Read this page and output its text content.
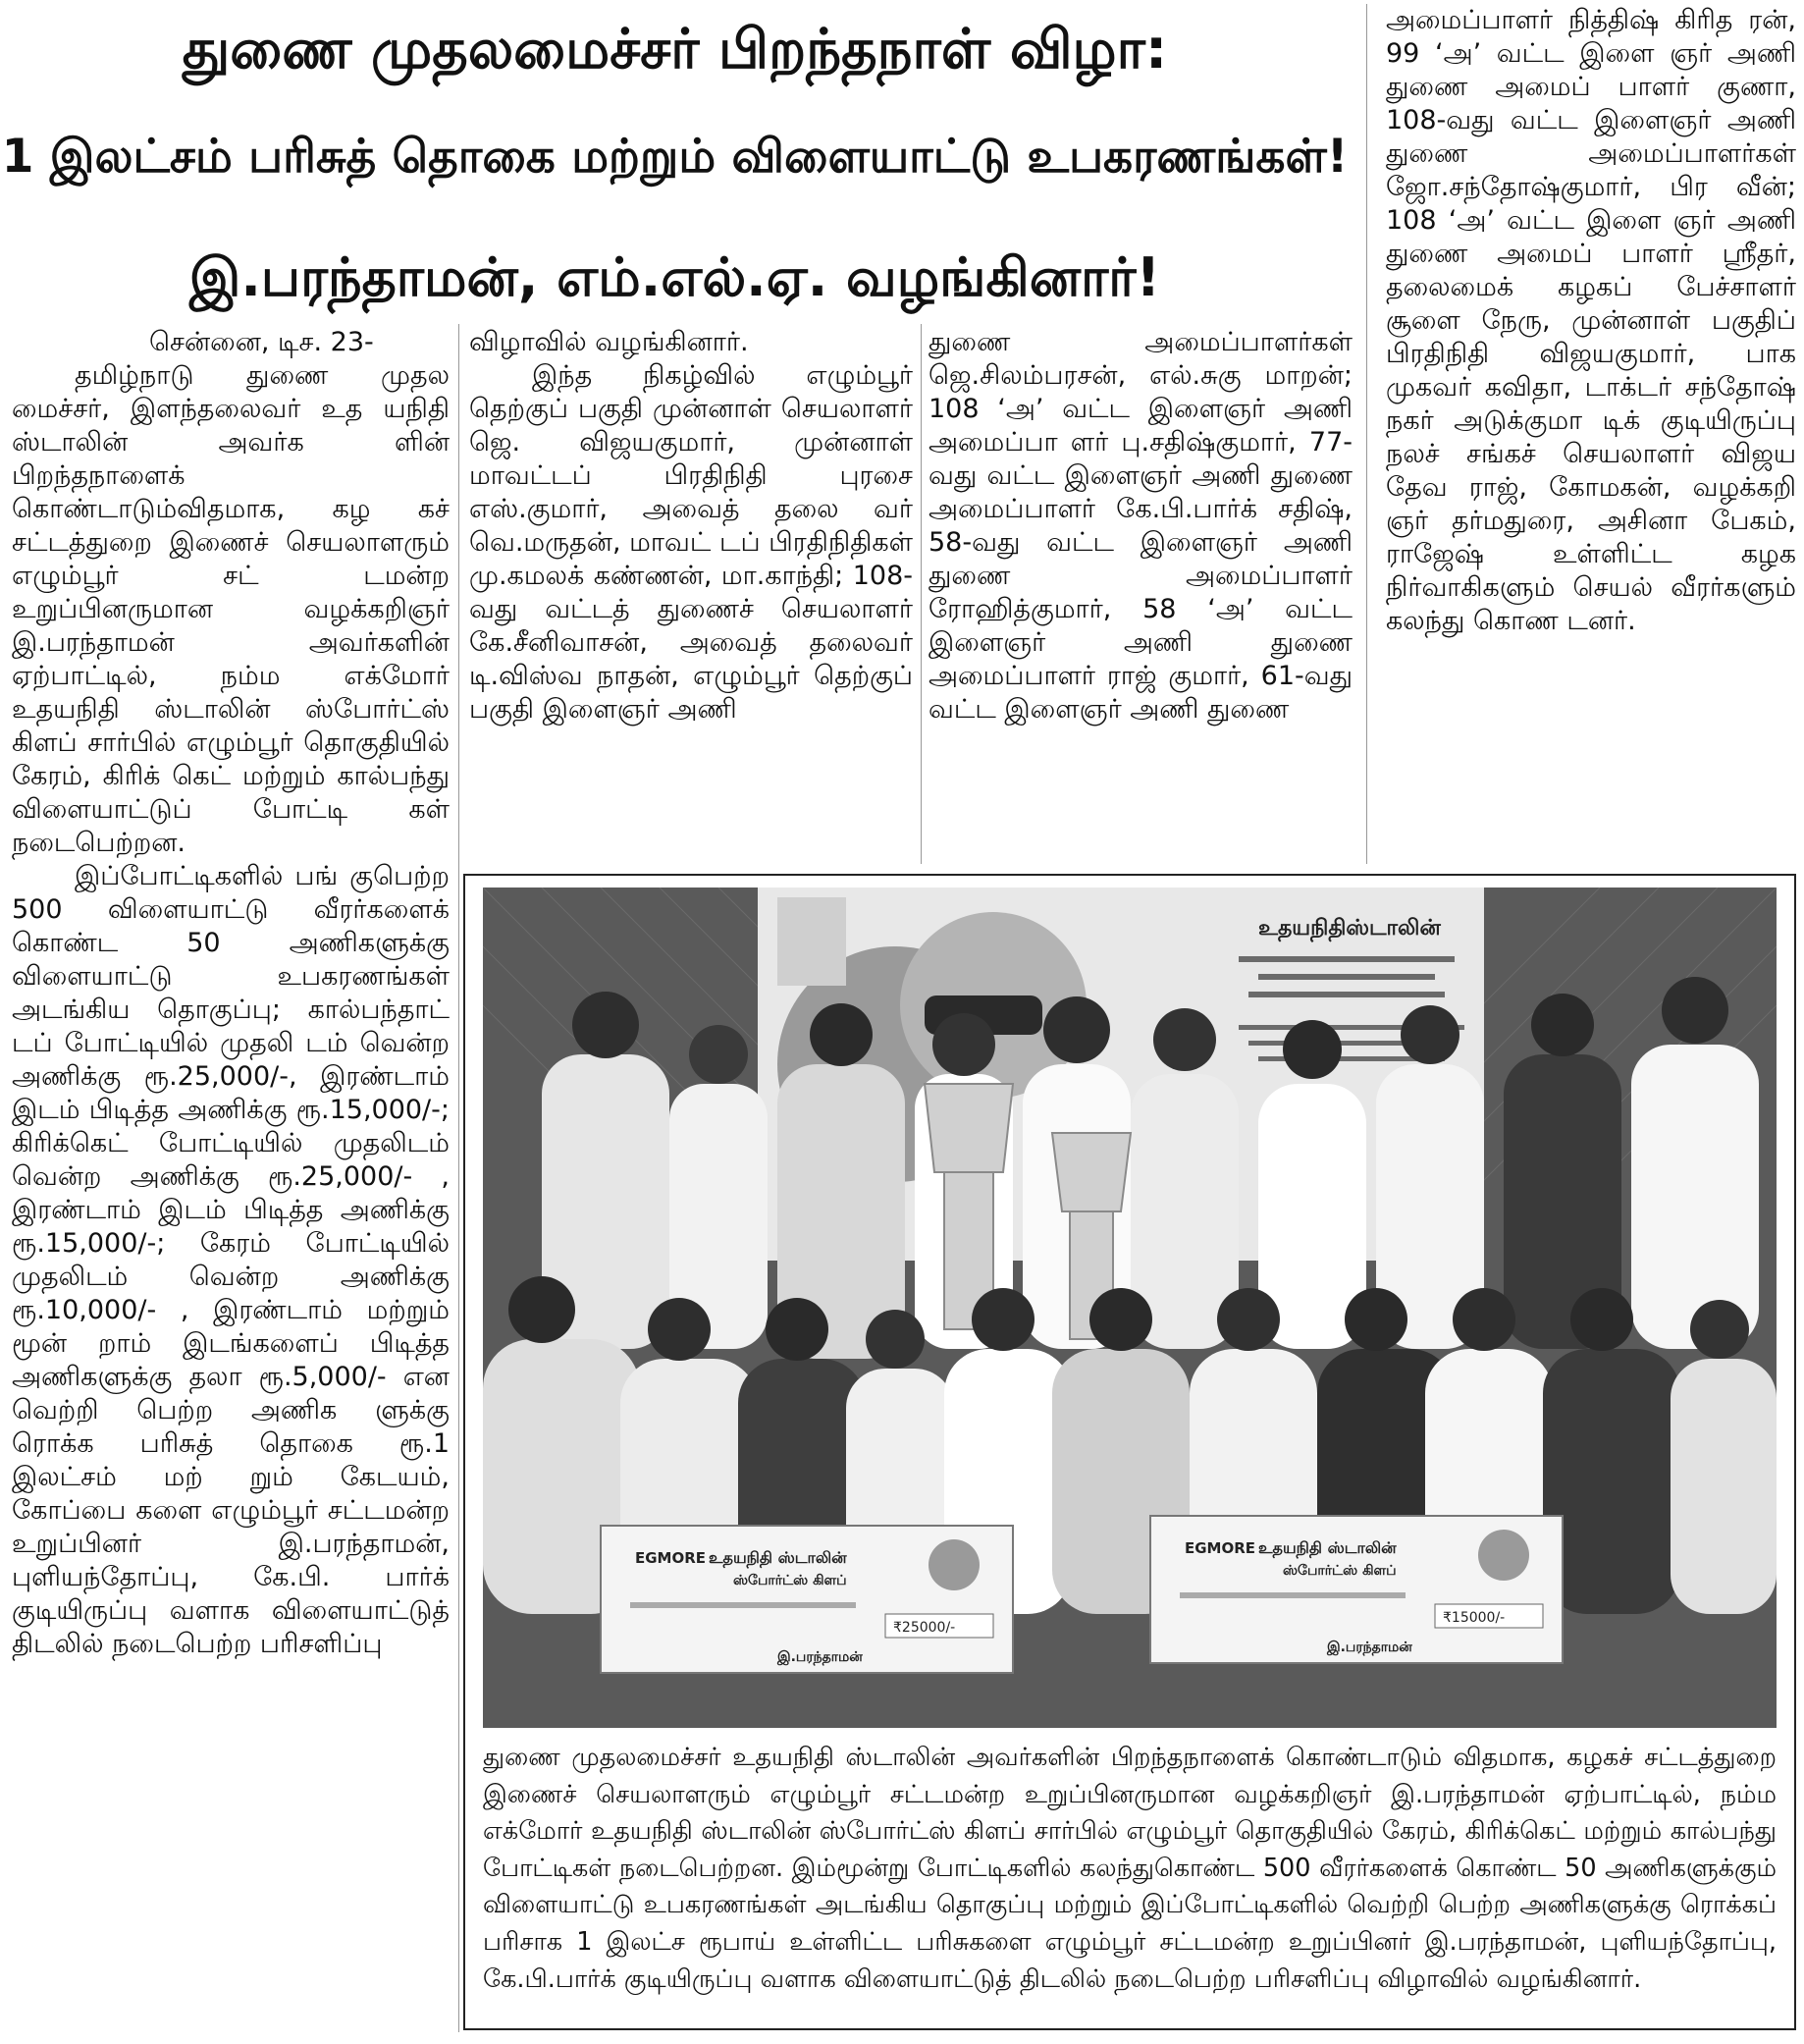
துணை முதலமைச்சர் பிறந்தநாள் விழா:
1 இலட்சம் பரிசுத் தொகை மற்றும் விளையாட்டு உபகரணங்கள்!
இ.பரந்தாமன், எம்.எல்.ஏ. வழங்கினார்!

சென்னை, டிச. 23-

தமிழ்நாடு துணை முதல மைச்சர், இளந்தலைவர் உத யநிதி ஸ்டாலின் அவர்க ளின் பிறந்தநாளைக் கொண்டாடும்விதமாக, கழ கச் சட்டத்துறை இணைச் செயலாளரும் எழும்பூர் சட் டமன்ற உறுப்பினருமான வழக்கறிஞர் இ.பரந்தாமன் அவர்களின் ஏற்பாட்டில், நம்ம எக்மோர் உதயநிதி ஸ்டாலின் ஸ்போர்ட்ஸ் கிளப் சார்பில் எழும்பூர் தொகுதியில் கேரம், கிரிக் கெட் மற்றும் கால்பந்து விளையாட்டுப் போட்டி கள் நடைபெற்றன.

இப்போட்டிகளில் பங் குபெற்ற 500 விளையாட்டு வீரர்களைக் கொண்ட 50 அணிகளுக்கு விளையாட்டு உபகரணங்கள் அடங்கிய தொகுப்பு; கால்பந்தாட் டப் போட்டியில் முதலி டம் வென்ற அணிக்கு ரூ.25,000/-, இரண்டாம் இடம் பிடித்த அணிக்கு ரூ.15,000/-; கிரிக்கெட் போட்டியில் முதலிடம் வென்ற அணிக்கு ரூ.25,000/- , இரண்டாம் இடம் பிடித்த அணிக்கு ரூ.15,000/-; கேரம் போட்டியில் முதலிடம் வென்ற அணிக்கு ரூ.10,000/- , இரண்டாம் மற்றும் மூன் றாம் இடங்களைப் பிடித்த அணிகளுக்கு தலா ரூ.5,000/- என வெற்றி பெற்ற அணிக ளுக்கு ரொக்க பரிசுத் தொகை ரூ.1 இலட்சம் மற் றும் கேடயம், கோப்பை களை எழும்பூர் சட்டமன்ற உறுப்பினர் இ.பரந்தாமன், புளியந்தோப்பு, கே.பி. பார்க் குடியிருப்பு வளாக விளையாட்டுத் திடலில் நடைபெற்ற பரிசளிப்பு

விழாவில் வழங்கினார்.

இந்த நிகழ்வில் எழும்பூர் தெற்குப் பகுதி முன்னாள் செயலாளர் ஜெ. விஜயகுமார், முன்னாள் மாவட்டப் பிரதிநிதி புரசை எஸ்.குமார், அவைத் தலை வர் வெ.மருதன், மாவட் டப் பிரதிநிதிகள் மு.கமலக் கண்ணன், மா.காந்தி; 108-வது வட்டத் துணைச் செயலாளர் கே.சீனிவாசன், அவைத் தலைவர் டி.விஸ்வ நாதன், எழும்பூர் தெற்குப் பகுதி இளைஞர் அணி

துணை அமைப்பாளர்கள் ஜெ.சிலம்பரசன், எல்.சுகு மாறன்; 108 ‘அ’ வட்ட இளைஞர் அணி அமைப்பா ளர் பு.சதிஷ்குமார், 77-வது வட்ட இளைஞர் அணி துணை அமைப்பாளர் கே.பி.பார்க் சதிஷ், 58-வது வட்ட இளைஞர் அணி துணை அமைப்பாளர் ரோஹித்குமார், 58 ‘அ’ வட்ட இளைஞர் அணி துணை அமைப்பாளர் ராஜ் குமார், 61-வது வட்ட இளைஞர் அணி துணை

அமைப்பாளர் நித்திஷ் கிரித ரன், 99 ‘அ’ வட்ட இளை ஞர் அணி துணை அமைப் பாளர் குணா, 108-வது வட்ட இளைஞர் அணி துணை அமைப்பாளர்கள் ஜோ.சந்தோஷ்குமார், பிர வீன்; 108 ‘அ’ வட்ட இளை ஞர் அணி துணை அமைப் பாளர் ஸ்ரீதர், தலைமைக் கழகப் பேச்சாளர் சூளை நேரு, முன்னாள் பகுதிப் பிரதிநிதி விஜயகுமார், பாக முகவர் கவிதா, டாக்டர் சந்தோஷ் நகர் அடுக்குமா டிக் குடியிருப்பு நலச் சங்கச் செயலாளர் விஜய தேவ ராஜ், கோமகன், வழக்கறி ஞர் தர்மதுரை, அசினா பேகம், ராஜேஷ் உள்ளிட்ட கழக நிர்வாகிகளும் செயல் வீரர்களும் கலந்து கொண டனர்.

உதயநிதிஸ்டாலின்
EGMORE உதயநிதி ஸ்டாலின்
ஸ்போர்ட்ஸ் கிளப்
₹25000/-
இ.பரந்தாமன்
EGMORE உதயநிதி ஸ்டாலின்
ஸ்போர்ட்ஸ் கிளப்
₹15000/-
இ.பரந்தாமன்
துணை முதலமைச்சர் உதயநிதி ஸ்டாலின் அவர்களின் பிறந்தநாளைக் கொண்டாடும் விதமாக, கழகச் சட்டத்துறை இணைச் செயலாளரும் எழும்பூர் சட்டமன்ற உறுப்பினருமான வழக்கறிஞர் இ.பரந்தாமன் ஏற்பாட்டில், நம்ம எக்மோர் உதயநிதி ஸ்டாலின் ஸ்போர்ட்ஸ் கிளப் சார்பில் எழும்பூர் தொகுதியில் கேரம், கிரிக்கெட் மற்றும் கால்பந்து போட்டிகள் நடைபெற்றன. இம்மூன்று போட்டிகளில் கலந்துகொண்ட 500 வீரர்களைக் கொண்ட 50 அணிகளுக்கும் விளையாட்டு உபகரணங்கள் அடங்கிய தொகுப்பு மற்றும் இப்போட்டிகளில் வெற்றி பெற்ற அணிகளுக்கு ரொக்கப் பரிசாக 1 இலட்ச ரூபாய் உள்ளிட்ட பரிசுகளை எழும்பூர் சட்டமன்ற உறுப்பினர் இ.பரந்தாமன், புளியந்தோப்பு, கே.பி.பார்க் குடியிருப்பு வளாக விளையாட்டுத் திடலில் நடைபெற்ற பரிசளிப்பு விழாவில் வழங்கினார்.
